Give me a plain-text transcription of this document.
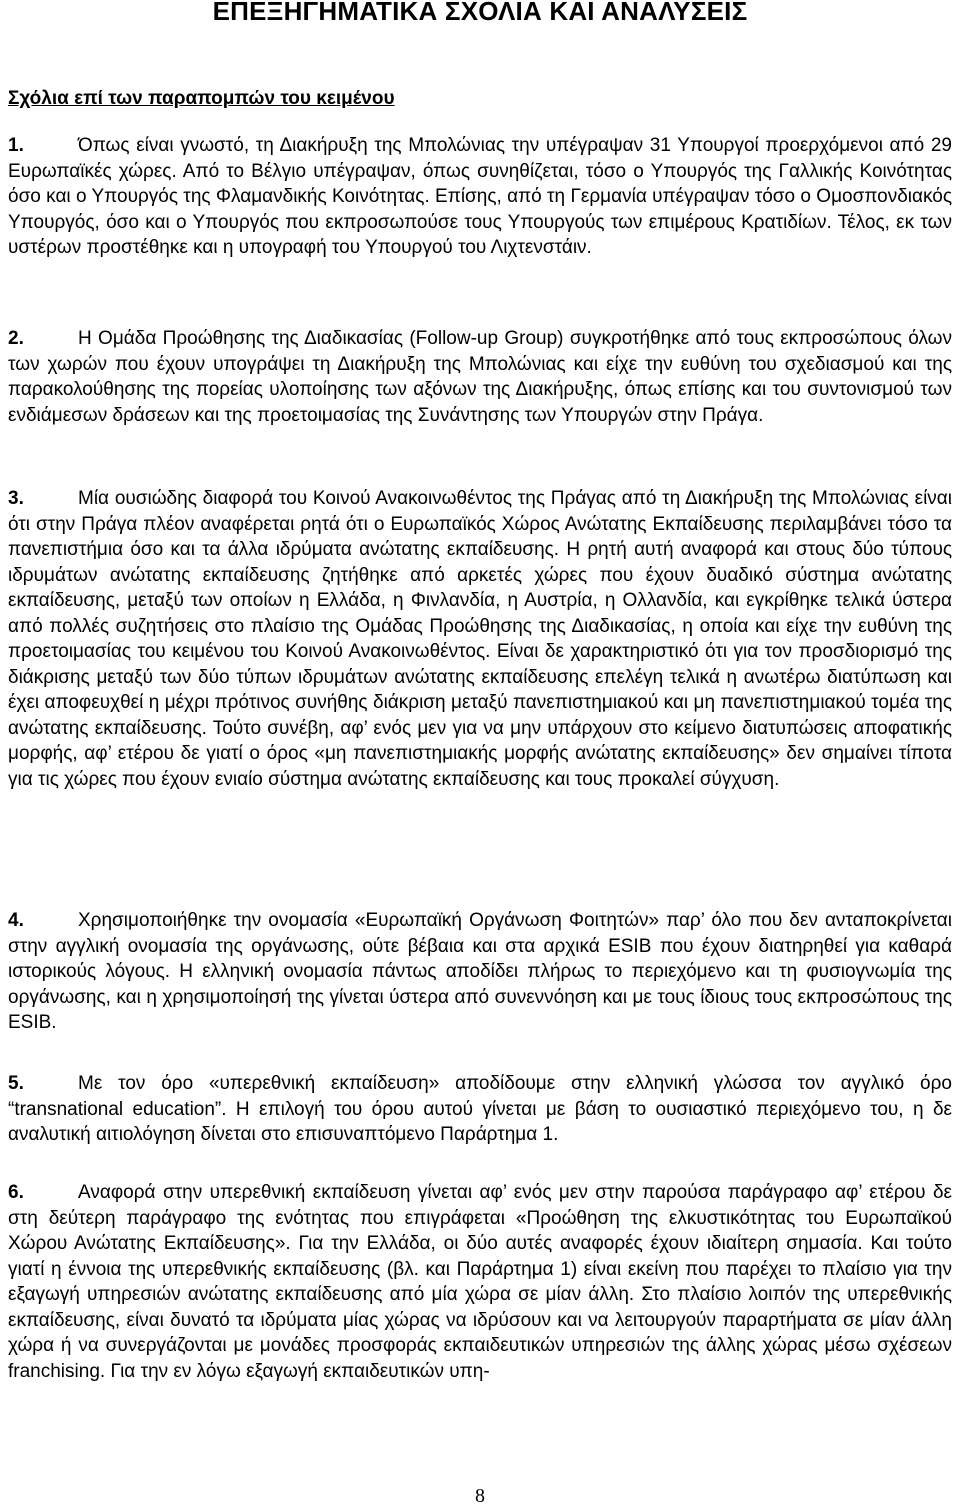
ΕΠΕΞΗΓΗΜΑΤΙΚΑ ΣΧΟΛΙΑ ΚΑΙ ΑΝΑΛΥΣΕΙΣ
Σχόλια επί των παραπομπών του κειμένου

1.	Όπως είναι γνωστό, τη Διακήρυξη της Μπολώνιας την υπέγραψαν 31 Υπουργοί προερχόμενοι από 29 Ευρωπαϊκές χώρες. Από το Βέλγιο υπέγραψαν, όπως συνηθίζεται, τόσο ο Υπουργός της Γαλλικής Κοινότητας όσο και ο Υπουργός της Φλαμανδικής Κοινότητας. Επίσης, από τη Γερμανία υπέγραψαν τόσο ο Ομοσπονδιακός Υπουργός, όσο και ο Υπουργός που εκπροσωπούσε τους Υπουργούς των επιμέρους Κρατιδίων. Τέλος, εκ των υστέρων προστέθηκε και η υπογραφή του Υπουργού του Λιχτενστάιν.

2.	Η Ομάδα Προώθησης της Διαδικασίας (Follow-up Group) συγκροτήθηκε από τους εκπροσώπους όλων των χωρών που έχουν υπογράψει τη Διακήρυξη της Μπολώνιας και είχε την ευθύνη του σχεδιασμού και της παρακολούθησης της πορείας υλοποίησης των αξόνων της Διακήρυξης, όπως επίσης και του συντονισμού των ενδιάμεσων δράσεων και της προετοιμασίας της Συνάντησης των Υπουργών στην Πράγα.

3.	Μία ουσιώδης διαφορά του Κοινού Ανακοινωθέντος της Πράγας από τη Διακήρυξη της Μπολώνιας είναι ότι στην Πράγα πλέον αναφέρεται ρητά ότι ο Ευρωπαϊκός Χώρος Ανώτατης Εκπαίδευσης περιλαμβάνει τόσο τα πανεπιστήμια όσο και τα άλλα ιδρύματα ανώτατης εκπαίδευσης. Η ρητή αυτή αναφορά και στους δύο τύπους ιδρυμάτων ανώτατης εκπαίδευσης ζητήθηκε από αρκετές χώρες που έχουν δυαδικό σύστημα ανώτατης εκπαίδευσης, μεταξύ των οποίων η Ελλάδα, η Φινλανδία, η Αυστρία, η Ολλανδία, και εγκρίθηκε τελικά ύστερα από πολλές συζητήσεις στο πλαίσιο της Ομάδας Προώθησης της Διαδικασίας, η οποία και είχε την ευθύνη της προετοιμασίας του κειμένου του Κοινού Ανακοινωθέντος. Είναι δε χαρακτηριστικό ότι για τον προσδιορισμό της διάκρισης μεταξύ των δύο τύπων ιδρυμάτων ανώτατης εκπαίδευσης επελέγη τελικά η ανωτέρω διατύπωση και έχει αποφευχθεί η μέχρι πρότινος συνήθης διάκριση μεταξύ πανεπιστημιακού και μη πανεπιστημιακού τομέα της ανώτατης εκπαίδευσης. Τούτο συνέβη, αφ’ ενός μεν για να μην υπάρχουν στο κείμενο διατυπώσεις αποφατικής μορφής, αφ’ ετέρου δε γιατί ο όρος «μη πανεπιστημιακής μορφής ανώτατης εκπαίδευσης» δεν σημαίνει τίποτα για τις χώρες που έχουν ενιαίο σύστημα ανώτατης εκπαίδευσης και τους προκαλεί σύγχυση.

4.	Χρησιμοποιήθηκε την ονομασία «Ευρωπαϊκή Οργάνωση Φοιτητών» παρ’ όλο που δεν ανταποκρίνεται στην αγγλική ονομασία της οργάνωσης, ούτε βέβαια και στα αρχικά ESIB που έχουν διατηρηθεί για καθαρά ιστορικούς λόγους. Η ελληνική ονομασία πάντως αποδίδει πλήρως το περιεχόμενο και τη φυσιογνωμία της οργάνωσης, και η χρησιμοποίησή της γίνεται ύστερα από συνεννόηση και με τους ίδιους τους εκπροσώπους της ESIB.

5.	Με τον όρο «υπερεθνική εκπαίδευση» αποδίδουμε στην ελληνική γλώσσα τον αγγλικό όρο “transnational education”. Η επιλογή του όρου αυτού γίνεται με βάση το ουσιαστικό περιεχόμενο του, η δε αναλυτική αιτιολόγηση δίνεται στο επισυναπτόμενο Παράρτημα 1.

6.	Αναφορά στην υπερεθνική εκπαίδευση γίνεται αφ’ ενός μεν στην παρούσα παράγραφο αφ’ ετέρου δε στη δεύτερη παράγραφο της ενότητας που επιγράφεται «Προώθηση της ελκυστικότητας του Ευρωπαϊκού Χώρου Ανώτατης Εκπαίδευσης». Για την Ελλάδα, οι δύο αυτές αναφορές έχουν ιδιαίτερη σημασία. Και τούτο γιατί η έννοια της υπερεθνικής εκπαίδευσης (βλ. και Παράρτημα 1) είναι εκείνη που παρέχει το πλαίσιο για την εξαγωγή υπηρεσιών ανώτατης εκπαίδευσης από μία χώρα σε μίαν άλλη. Στο πλαίσιο λοιπόν της υπερεθνικής εκπαίδευσης, είναι δυνατό τα ιδρύματα μίας χώρας να ιδρύσουν και να λειτουργούν παραρτήματα σε μίαν άλλη χώρα ή να συνεργάζονται με μονάδες προσφοράς εκπαιδευτικών υπηρεσιών της άλλης χώρας μέσω σχέσεων franchising. Για την εν λόγω εξαγωγή εκπαιδευτικών υπη-

8
